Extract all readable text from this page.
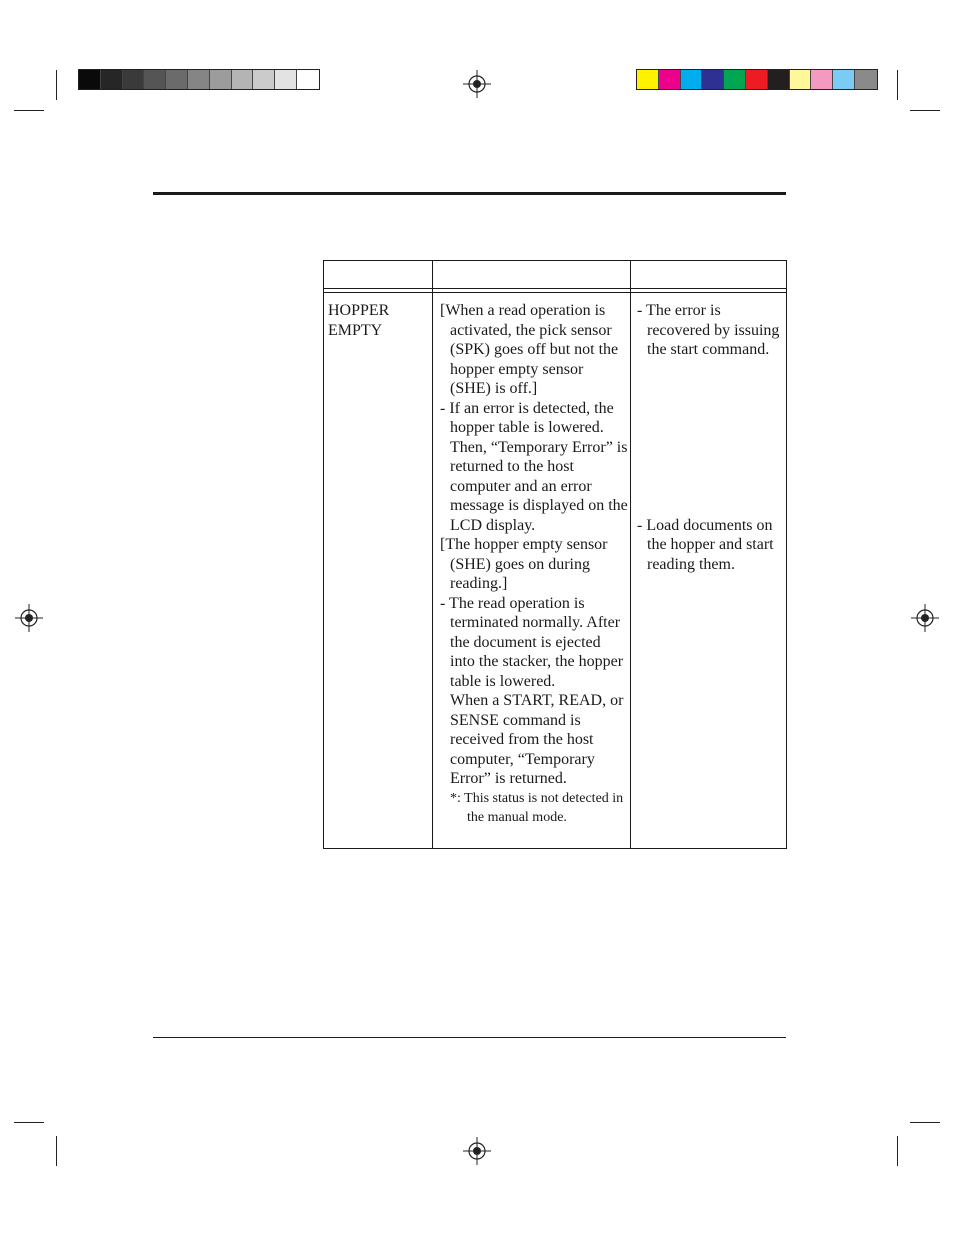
HOPPER EMPTY
[When a read operation is activated, the pick sensor (SPK) goes off but not the hopper empty sensor (SHE) is off.]
- If an error is detected, the hopper table is lowered. Then, “Temporary Error” is returned to the host computer and an error message is displayed on the LCD display.
[The hopper empty sensor (SHE) goes on during reading.]
- The read operation is terminated normally. After the document is ejected into the stacker, the hopper table is lowered.
When a START, READ, or SENSE command is received from the host computer, “Temporary Error” is returned.
*: This status is not detected in the manual mode.
- The error is recovered by issuing the start command.
- Load documents on the hopper and start reading them.
